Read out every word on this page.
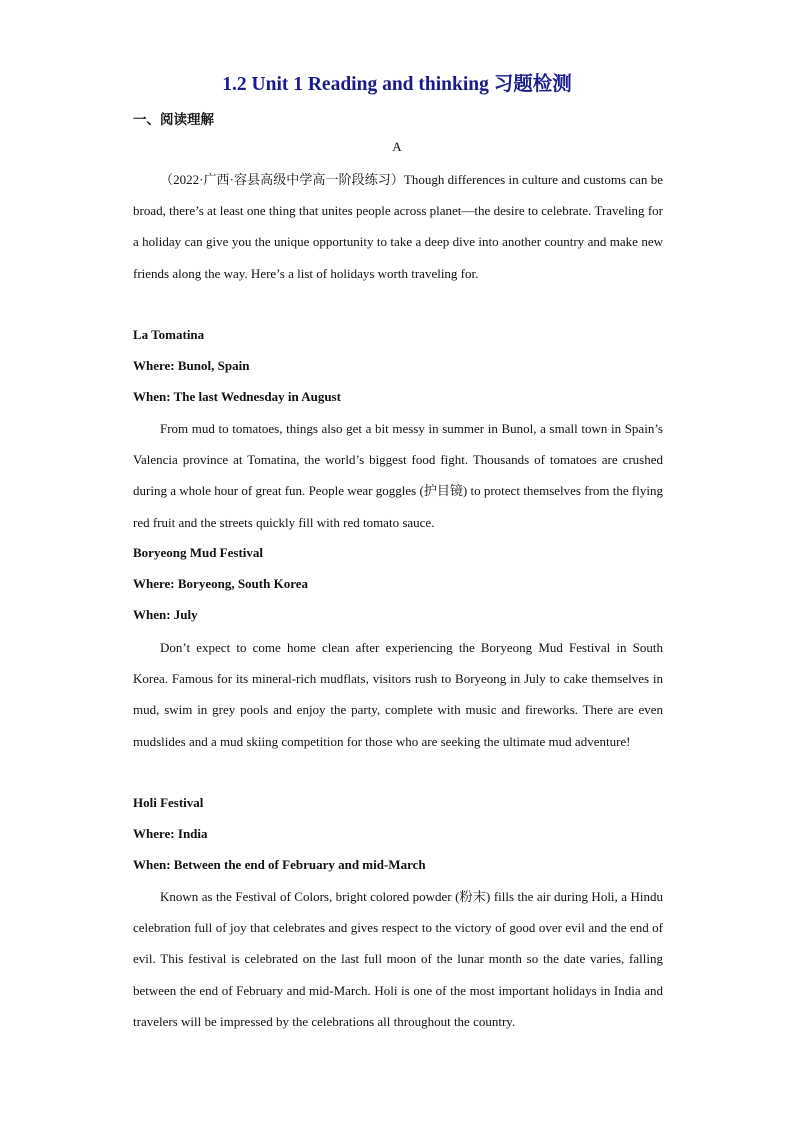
1.2 Unit 1 Reading and thinking 习题检测
一、阅读理解
A
（2022·广西·容县高级中学高一阶段练习）Though differences in culture and customs can be broad, there’s at least one thing that unites people across planet—the desire to celebrate. Traveling for a holiday can give you the unique opportunity to take a deep dive into another country and make new friends along the way. Here’s a list of holidays worth traveling for.
La Tomatina
Where: Bunol, Spain
When: The last Wednesday in August
From mud to tomatoes, things also get a bit messy in summer in Bunol, a small town in Spain’s Valencia province at Tomatina, the world’s biggest food fight. Thousands of tomatoes are crushed during a whole hour of great fun. People wear goggles (护目镜) to protect themselves from the flying red fruit and the streets quickly fill with red tomato sauce.
Boryeong Mud Festival
Where: Boryeong, South Korea
When: July
Don’t expect to come home clean after experiencing the Boryeong Mud Festival in South Korea. Famous for its mineral-rich mudflats, visitors rush to Boryeong in July to cake themselves in mud, swim in grey pools and enjoy the party, complete with music and fireworks. There are even mudslides and a mud skiing competition for those who are seeking the ultimate mud adventure!
Holi Festival
Where: India
When: Between the end of February and mid-March
Known as the Festival of Colors, bright colored powder (粉末) fills the air during Holi, a Hindu celebration full of joy that celebrates and gives respect to the victory of good over evil and the end of evil. This festival is celebrated on the last full moon of the lunar month so the date varies, falling between the end of February and mid-March. Holi is one of the most important holidays in India and travelers will be impressed by the celebrations all throughout the country.
